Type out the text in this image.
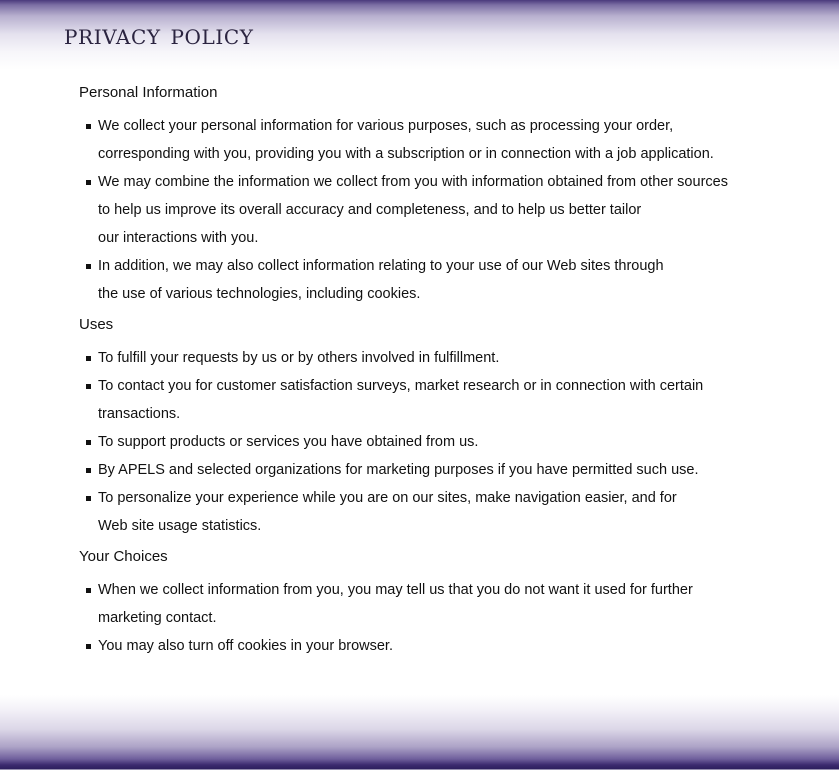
privacy policy
Personal Information
We collect your personal information for various purposes, such as processing your order,
corresponding with you, providing you with a subscription or in connection with a job application.
We may combine the information we collect from you with information obtained from other sources
to help us improve its overall accuracy and completeness, and to help us better tailor
our interactions with you.
In addition, we may also collect information relating to your use of our Web sites through
the use of various technologies, including cookies.
Uses
To fulfill your requests by us or by others involved in fulfillment.
To contact you for customer satisfaction surveys, market research or in connection with certain
transactions.
To support products or services you have obtained from us.
By APELS and selected organizations for marketing purposes if you have permitted such use.
To personalize your experience while you are on our sites, make navigation easier, and for
Web site usage statistics.
Your Choices
When we collect information from you, you may tell us that you do not want it used for further
marketing contact.
You may also turn off cookies in your browser.
